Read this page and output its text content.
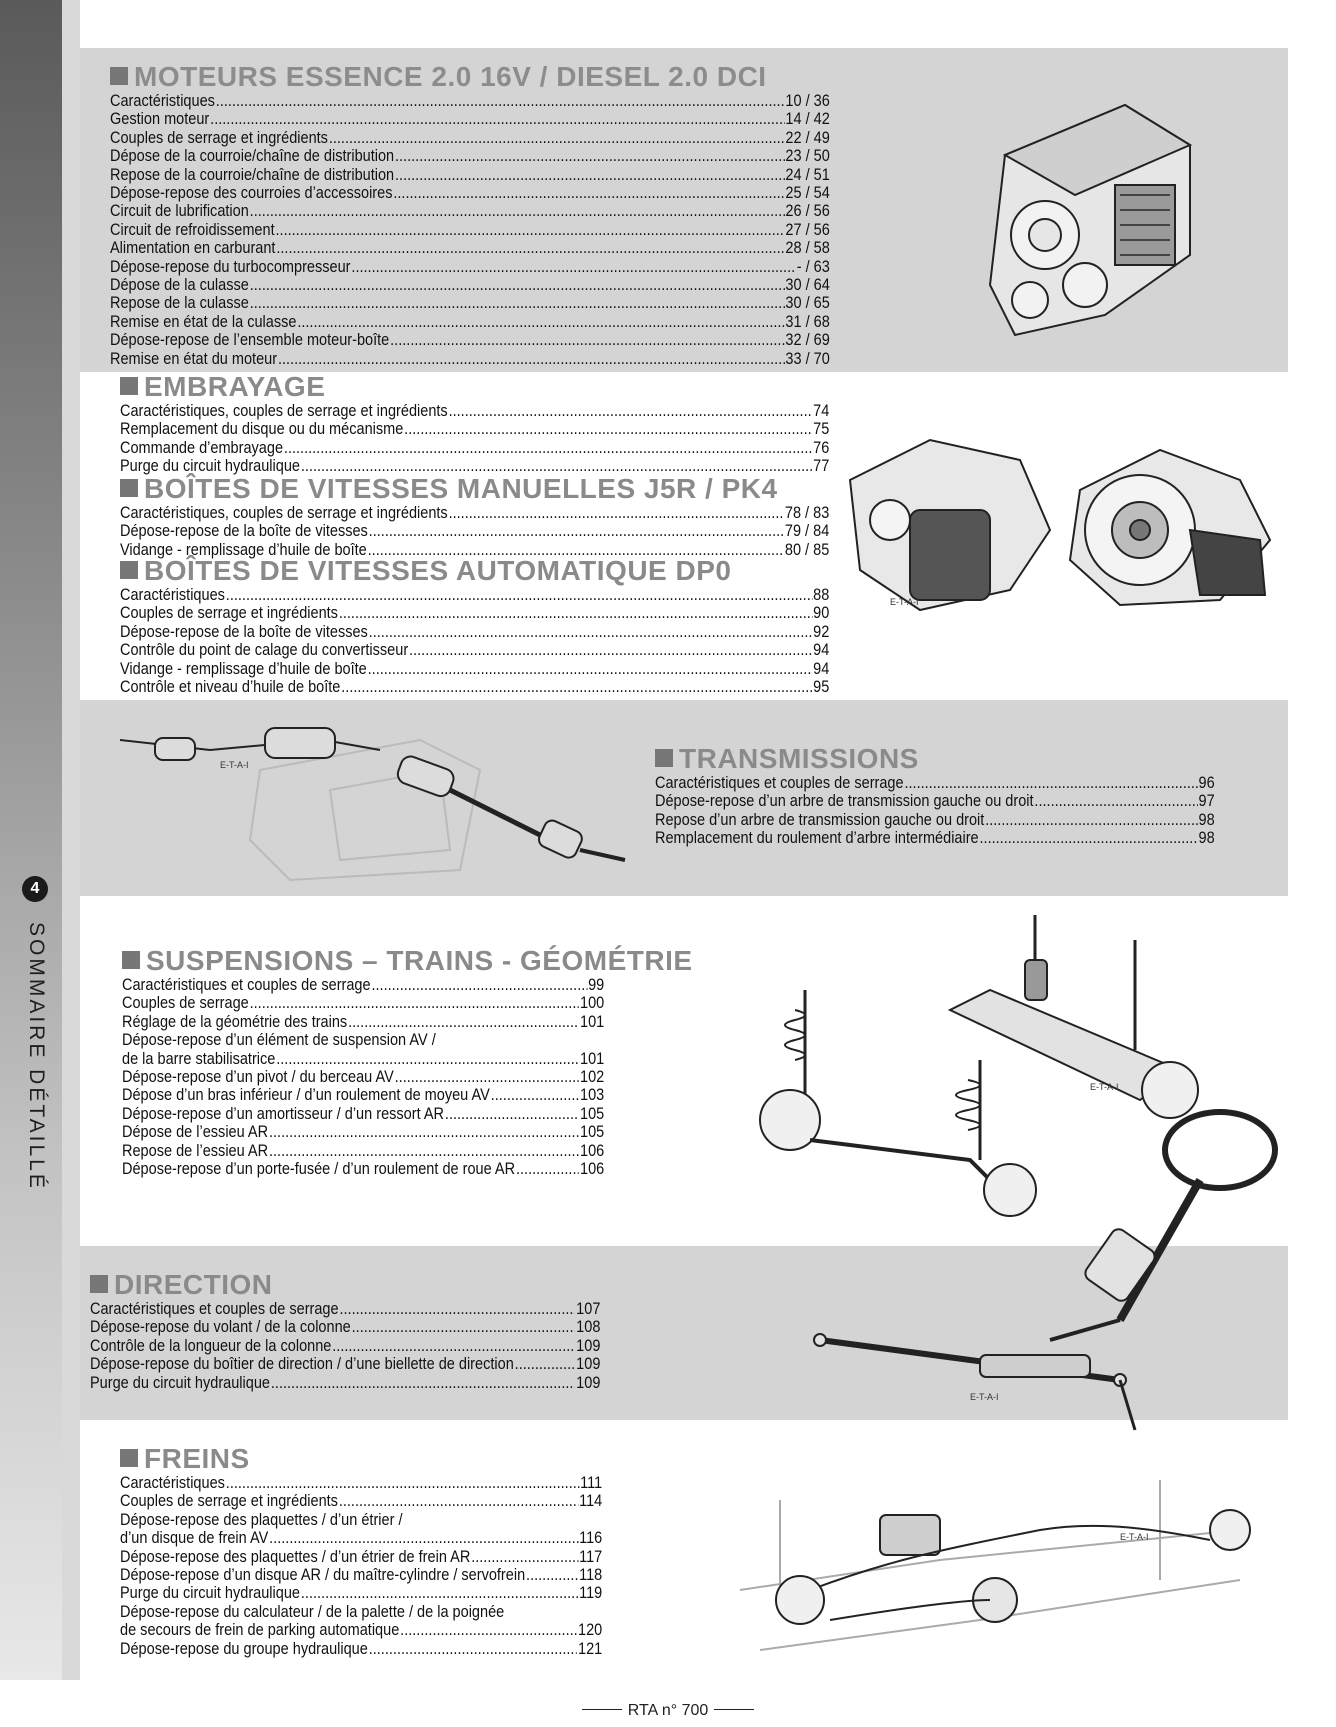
4
SOMMAIRE DÉTAILLÉ
MOTEURS ESSENCE 2.0 16V / DIESEL 2.0 DCI
Caractéristiques .....	10 / 36
Gestion moteur .....	14 / 42
Couples de serrage et ingrédients .....	22 / 49
Dépose de la courroie/chaîne de distribution .....	23 / 50
Repose de la courroie/chaîne de distribution .....	24 / 51
Dépose-repose des courroies d’accessoires .....	25 / 54
Circuit de lubrification .....	26 / 56
Circuit de refroidissement .....	27 / 56
Alimentation en carburant .....	28 / 58
Dépose-repose du turbocompresseur .....	- / 63
Dépose de la culasse .....	30 / 64
Repose de la culasse .....	30 / 65
Remise en état de la culasse .....	31 / 68
Dépose-repose de l’ensemble moteur-boîte .....	32 / 69
Remise en état du moteur .....	33 / 70
EMBRAYAGE
Caractéristiques, couples de serrage et ingrédients .....	74
Remplacement du disque ou du mécanisme .....	75
Commande d’embrayage .....	76
Purge du circuit hydraulique .....	77
BOÎTES DE VITESSES MANUELLES J5R / PK4
Caractéristiques, couples de serrage et ingrédients .....	78 / 83
Dépose-repose de la boîte de vitesses .....	79 / 84
Vidange - remplissage d’huile de boîte .....	80 / 85
BOÎTES DE VITESSES AUTOMATIQUE DP0
Caractéristiques .....	88
Couples de serrage et ingrédients .....	90
Dépose-repose de la boîte de vitesses .....	92
Contrôle du point de calage du convertisseur .....	94
Vidange - remplissage d’huile de boîte .....	94
Contrôle et niveau d’huile de boîte .....	95
TRANSMISSIONS
Caractéristiques et couples de serrage .....	96
Dépose-repose d’un arbre de transmission gauche ou droit .....	97
Repose d’un arbre de transmission gauche ou droit .....	98
Remplacement du roulement d’arbre intermédiaire .....	98
SUSPENSIONS – TRAINS - GÉOMÉTRIE
Caractéristiques et couples de serrage .....	99
Couples de serrage .....	100
Réglage de la géométrie des trains .....	101
Dépose-repose d’un élément de suspension AV /
de la barre stabilisatrice .....	101
Dépose-repose d’un pivot / du berceau AV .....	102
Dépose d’un bras inférieur / d’un roulement de moyeu AV .....	103
Dépose-repose d’un amortisseur / d’un ressort AR .....	105
Dépose de l’essieu AR .....	105
Repose de l’essieu AR .....	106
Dépose-repose d’un porte-fusée / d’un roulement de roue AR .....	106
DIRECTION
Caractéristiques et couples de serrage .....	107
Dépose-repose du volant / de la colonne .....	108
Contrôle de la longueur de la colonne .....	109
Dépose-repose du boîtier de direction / d’une biellette de direction .....	109
Purge du circuit hydraulique .....	109
FREINS
Caractéristiques .....	111
Couples de serrage et ingrédients .....	114
Dépose-repose des plaquettes / d’un étrier /
d’un disque de frein AV .....	116
Dépose-repose des plaquettes / d’un étrier de frein AR .....	117
Dépose-repose d’un disque AR / du maître-cylindre / servofrein .....	118
Purge du circuit hydraulique .....	119
Dépose-repose du calculateur / de la palette / de la poignée
de secours de frein de parking automatique .....	120
Dépose-repose du groupe hydraulique .....	121
E-T-A-I
E-T-A-I
E-T-A-I
E-T-A-I
E-T-A-I
RTA n° 700
